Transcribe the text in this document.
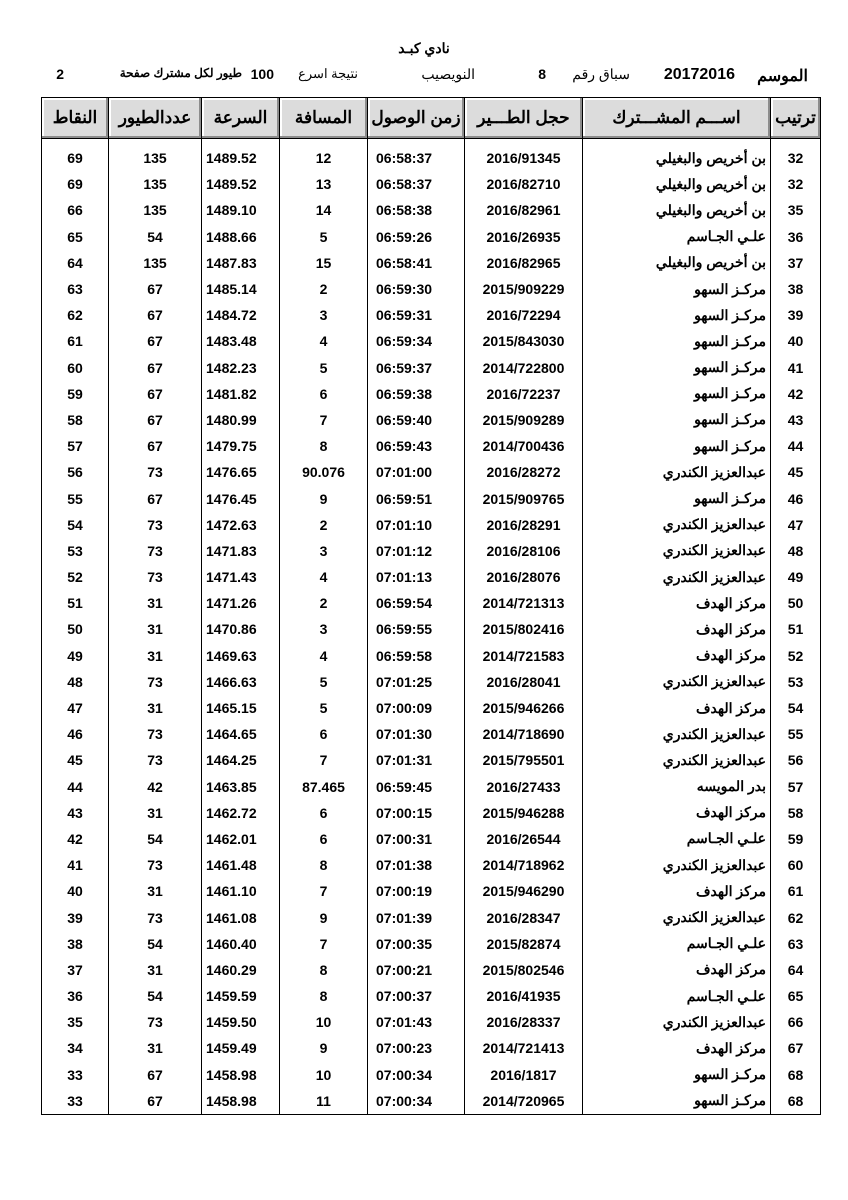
نادي كبـد
الموسم
20172016
سباق رقم
8
النويصيب
نتيجة اسرع
100
طيور لكل مشترك صفحة
2
ترتيب	اســـم المشـــترك	حجل الطـــير	زمن الوصول	المسافة	السرعة	عددالطيور	النقاط

32	بن أخريص والبغيلي	2016/91345	06:58:37	12	1489.52	135	69
32	بن أخريص والبغيلي	2016/82710	06:58:37	13	1489.52	135	69
35	بن أخريص والبغيلي	2016/82961	06:58:38	14	1489.10	135	66
36	علـي الجـاسم	2016/26935	06:59:26	5	1488.66	54	65
37	بن أخريص والبغيلي	2016/82965	06:58:41	15	1487.83	135	64
38	مركـز السهو	2015/909229	06:59:30	2	1485.14	67	63
39	مركـز السهو	2016/72294	06:59:31	3	1484.72	67	62
40	مركـز السهو	2015/843030	06:59:34	4	1483.48	67	61
41	مركـز السهو	2014/722800	06:59:37	5	1482.23	67	60
42	مركـز السهو	2016/72237	06:59:38	6	1481.82	67	59
43	مركـز السهو	2015/909289	06:59:40	7	1480.99	67	58
44	مركـز السهو	2014/700436	06:59:43	8	1479.75	67	57
45	عبدالعزيز الكندري	2016/28272	07:01:00	90.076	1476.65	73	56
46	مركـز السهو	2015/909765	06:59:51	9	1476.45	67	55
47	عبدالعزيز الكندري	2016/28291	07:01:10	2	1472.63	73	54
48	عبدالعزيز الكندري	2016/28106	07:01:12	3	1471.83	73	53
49	عبدالعزيز الكندري	2016/28076	07:01:13	4	1471.43	73	52
50	مركز الهدف	2014/721313	06:59:54	2	1471.26	31	51
51	مركز الهدف	2015/802416	06:59:55	3	1470.86	31	50
52	مركز الهدف	2014/721583	06:59:58	4	1469.63	31	49
53	عبدالعزيز الكندري	2016/28041	07:01:25	5	1466.63	73	48
54	مركز الهدف	2015/946266	07:00:09	5	1465.15	31	47
55	عبدالعزيز الكندري	2014/718690	07:01:30	6	1464.65	73	46
56	عبدالعزيز الكندري	2015/795501	07:01:31	7	1464.25	73	45
57	بدر المويسه	2016/27433	06:59:45	87.465	1463.85	42	44
58	مركز الهدف	2015/946288	07:00:15	6	1462.72	31	43
59	علـي الجـاسم	2016/26544	07:00:31	6	1462.01	54	42
60	عبدالعزيز الكندري	2014/718962	07:01:38	8	1461.48	73	41
61	مركز الهدف	2015/946290	07:00:19	7	1461.10	31	40
62	عبدالعزيز الكندري	2016/28347	07:01:39	9	1461.08	73	39
63	علـي الجـاسم	2015/82874	07:00:35	7	1460.40	54	38
64	مركز الهدف	2015/802546	07:00:21	8	1460.29	31	37
65	علـي الجـاسم	2016/41935	07:00:37	8	1459.59	54	36
66	عبدالعزيز الكندري	2016/28337	07:01:43	10	1459.50	73	35
67	مركز الهدف	2014/721413	07:00:23	9	1459.49	31	34
68	مركـز السهو	2016/1817	07:00:34	10	1458.98	67	33
68	مركـز السهو	2014/720965	07:00:34	11	1458.98	67	33
